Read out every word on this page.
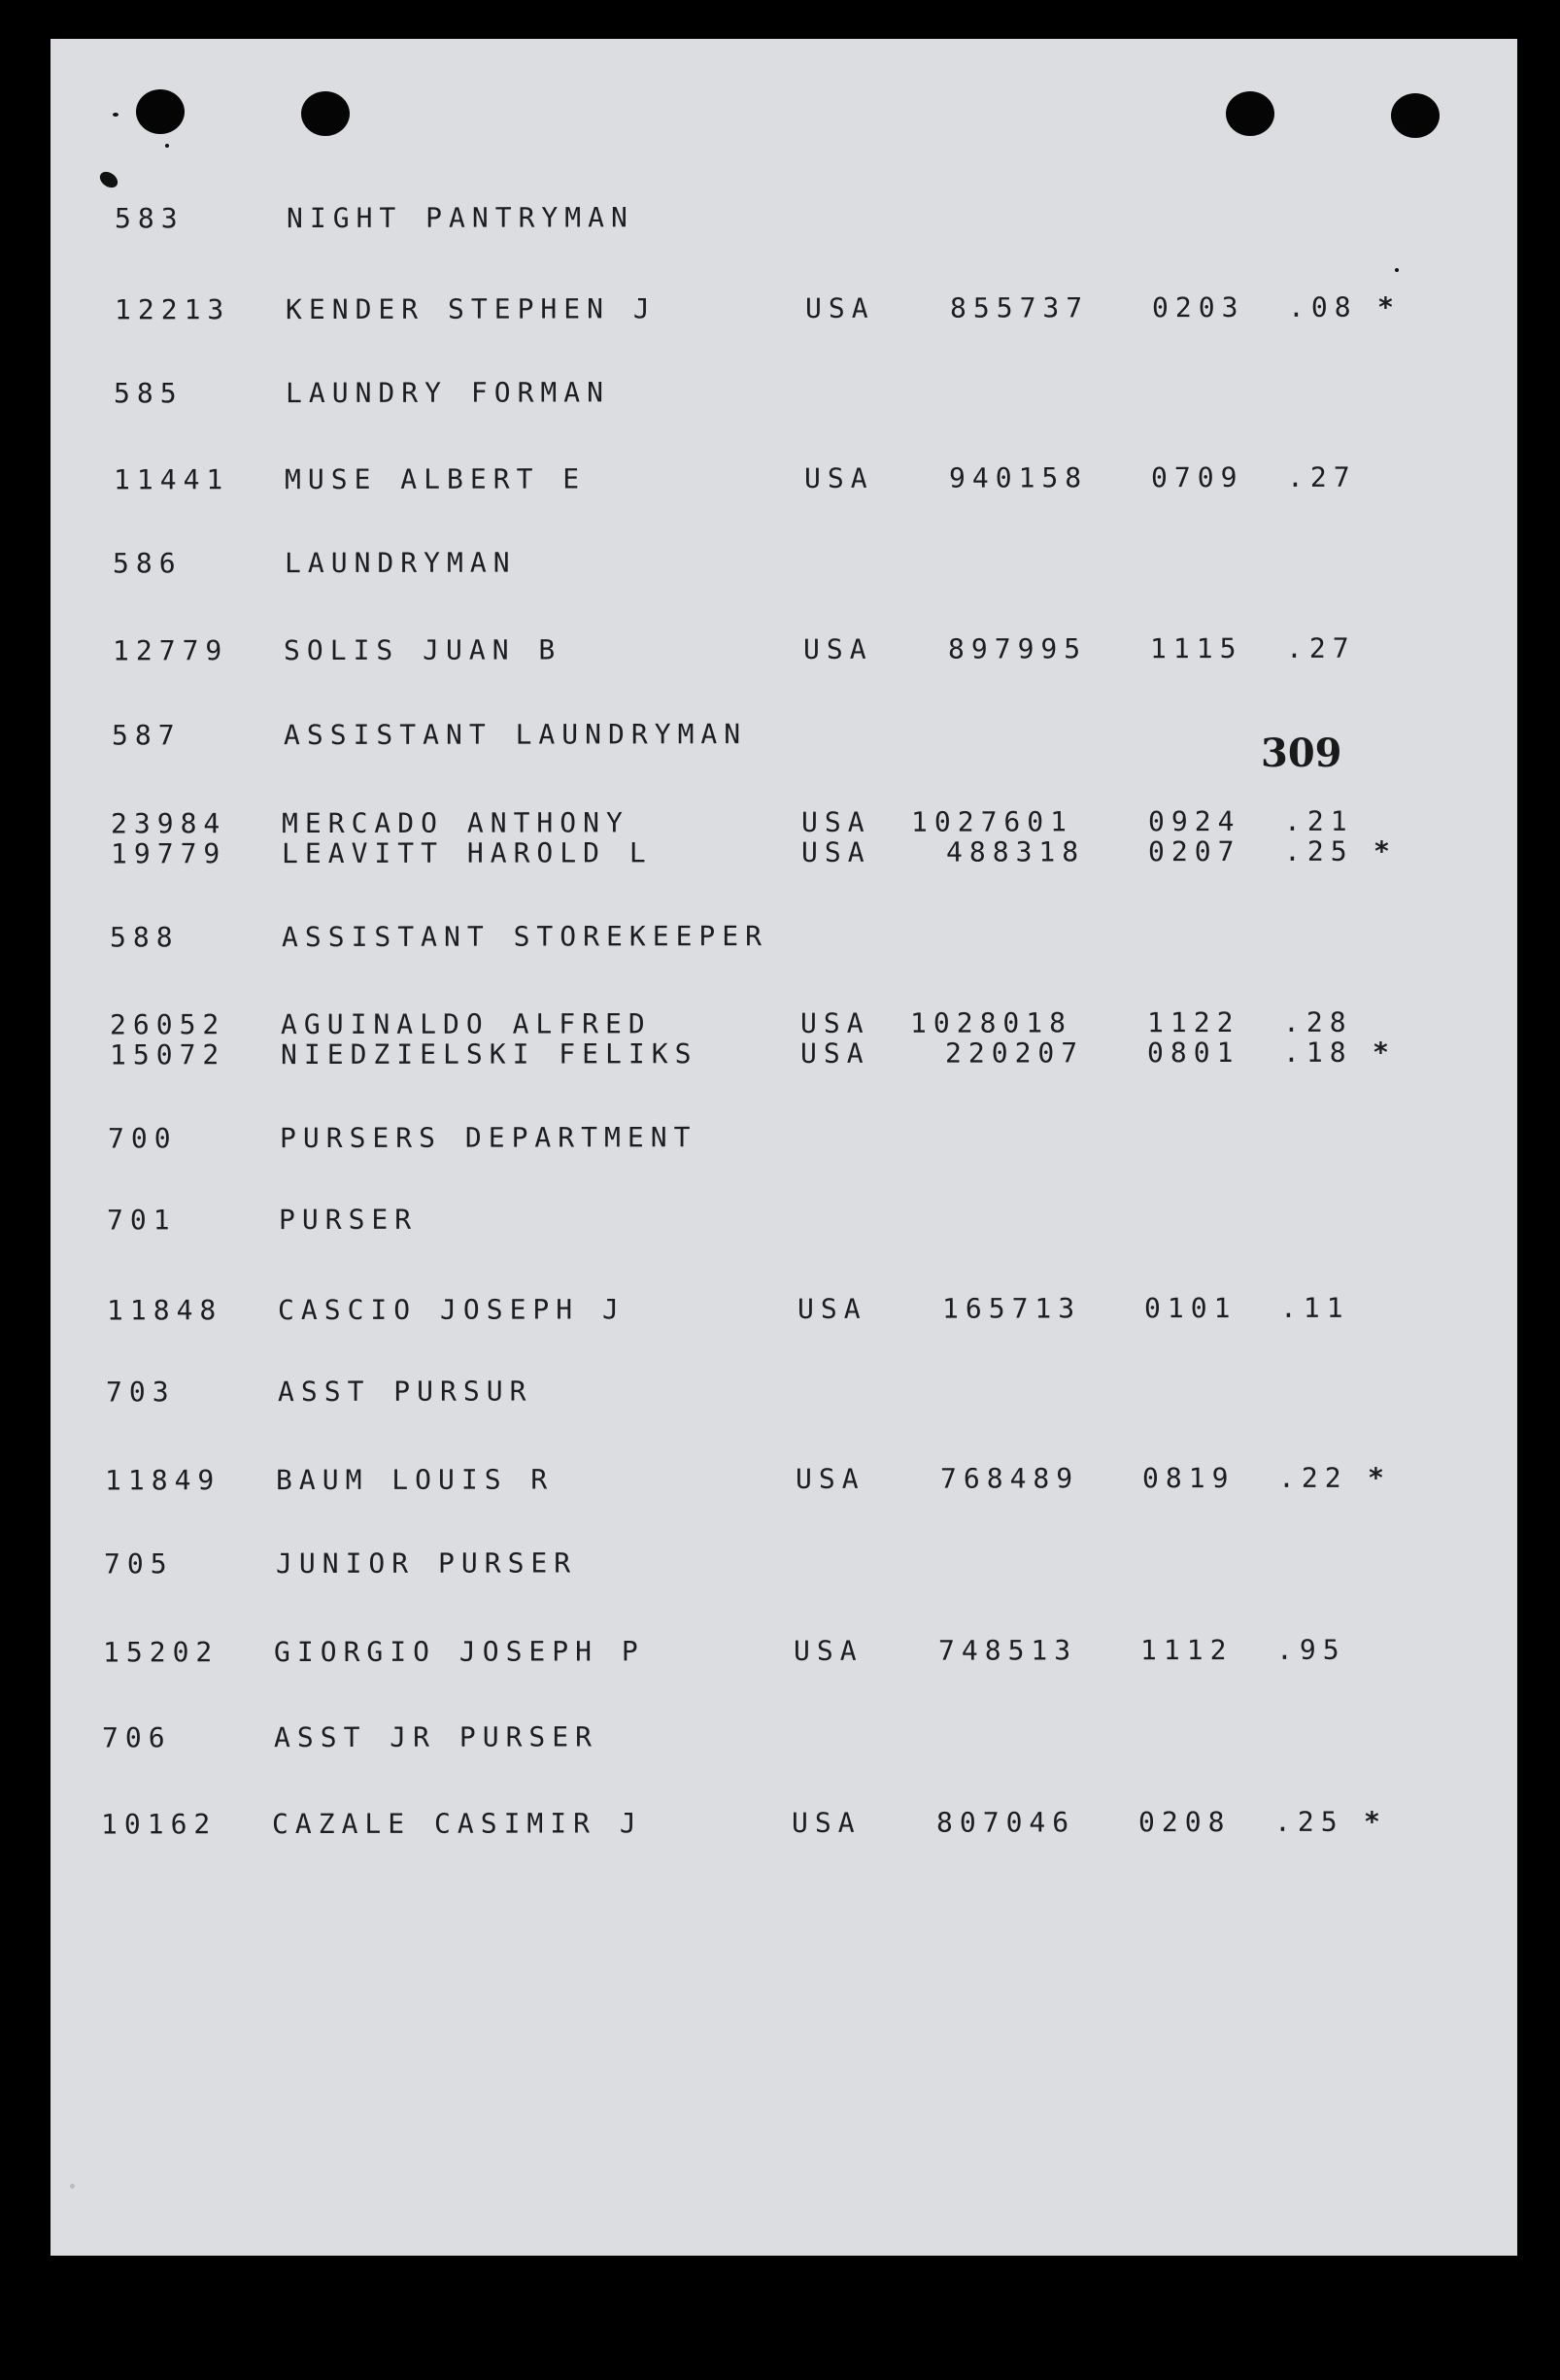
309
583	NIGHT PANTRYMAN
12213 KENDER STEPHEN J	USA	855737 0203 .08 *
585	LAUNDRY FORMAN
11441 MUSE ALBERT E	USA	940158 0709 .27
586	LAUNDRYMAN
12779 SOLIS JUAN B	USA	897995 1115 .27
587	ASSISTANT LAUNDRYMAN
23984 MERCADO ANTHONY	USA 1027601	0924 .21
19779 LEAVITT HAROLD L	USA	488318 0207 .25 *
588	ASSISTANT STOREKEEPER
26052 AGUINALDO ALFRED	USA 1028018	1122 .28
15072 NIEDZIELSKI FELIKS	USA	220207 0801 .18 *
700	PURSERS DEPARTMENT
701	PURSER
11848 CASCIO JOSEPH J	USA	165713 0101 .11
703	ASST PURSUR
11849 BAUM LOUIS R	USA	768489 0819 .22 *
705	JUNIOR PURSER
15202 GIORGIO JOSEPH P	USA	748513 1112 .95
706	ASST JR PURSER
10162 CAZALE CASIMIR J	USA	807046 0208 .25 *
